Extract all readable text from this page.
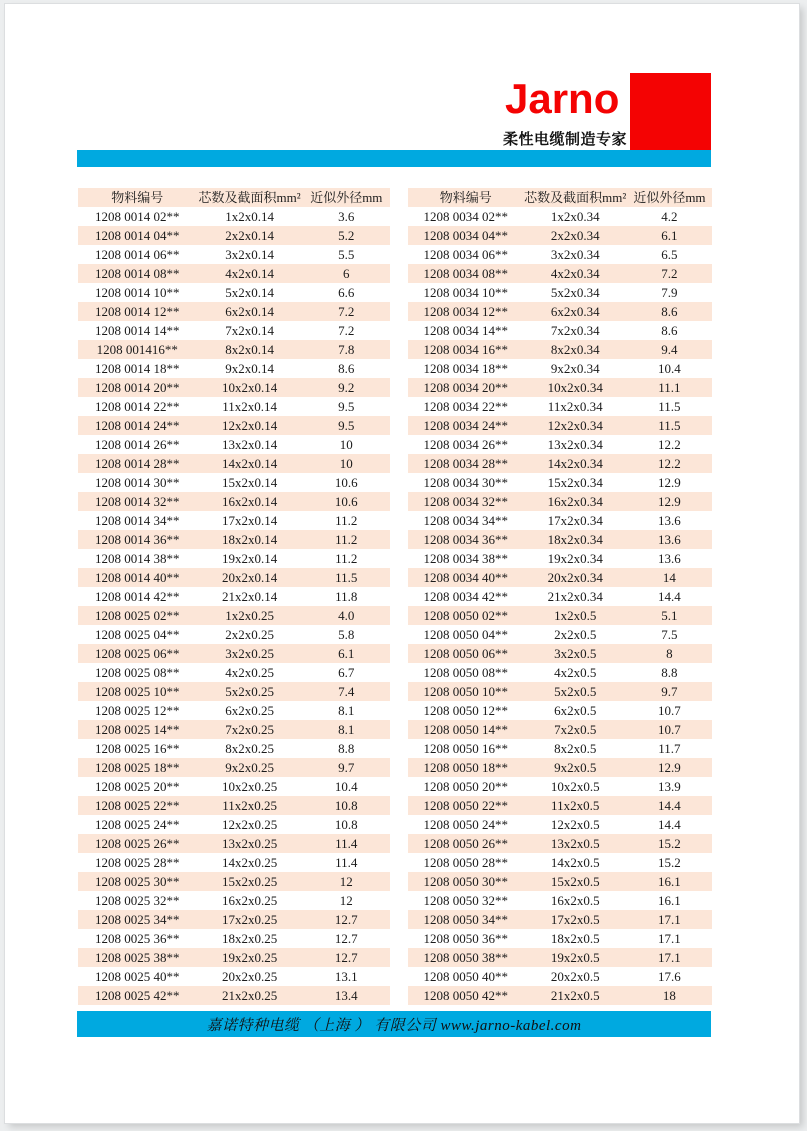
Jarno
柔性电缆制造专家
物料编号	芯数及截面积mm² 近似外径mm
1208 0014 02**	1x2x0.14	3.6
1208 0014 04**	2x2x0.14	5.2
1208 0014 06**	3x2x0.14	5.5
1208 0014 08**	4x2x0.14	6
1208 0014 10**	5x2x0.14	6.6
1208 0014 12**	6x2x0.14	7.2
1208 0014 14**	7x2x0.14	7.2
1208 001416**	8x2x0.14	7.8
1208 0014 18**	9x2x0.14	8.6
1208 0014 20**	10x2x0.14	9.2
1208 0014 22**	11x2x0.14	9.5
1208 0014 24**	12x2x0.14	9.5
1208 0014 26**	13x2x0.14	10
1208 0014 28**	14x2x0.14	10
1208 0014 30**	15x2x0.14	10.6
1208 0014 32**	16x2x0.14	10.6
1208 0014 34**	17x2x0.14	11.2
1208 0014 36**	18x2x0.14	11.2
1208 0014 38**	19x2x0.14	11.2
1208 0014 40**	20x2x0.14	11.5
1208 0014 42**	21x2x0.14	11.8
1208 0025 02**	1x2x0.25	4.0
1208 0025 04**	2x2x0.25	5.8
1208 0025 06**	3x2x0.25	6.1
1208 0025 08**	4x2x0.25	6.7
1208 0025 10**	5x2x0.25	7.4
1208 0025 12**	6x2x0.25	8.1
1208 0025 14**	7x2x0.25	8.1
1208 0025 16**	8x2x0.25	8.8
1208 0025 18**	9x2x0.25	9.7
1208 0025 20**	10x2x0.25	10.4
1208 0025 22**	11x2x0.25	10.8
1208 0025 24**	12x2x0.25	10.8
1208 0025 26**	13x2x0.25	11.4
1208 0025 28**	14x2x0.25	11.4
1208 0025 30**	15x2x0.25	12
1208 0025 32**	16x2x0.25	12
1208 0025 34**	17x2x0.25	12.7
1208 0025 36**	18x2x0.25	12.7
1208 0025 38**	19x2x0.25	12.7
1208 0025 40**	20x2x0.25	13.1
1208 0025 42**	21x2x0.25	13.4
物料编号	芯数及截面积mm² 近似外径mm
1208 0034 02**	1x2x0.34	4.2
1208 0034 04**	2x2x0.34	6.1
1208 0034 06**	3x2x0.34	6.5
1208 0034 08**	4x2x0.34	7.2
1208 0034 10**	5x2x0.34	7.9
1208 0034 12**	6x2x0.34	8.6
1208 0034 14**	7x2x0.34	8.6
1208 0034 16**	8x2x0.34	9.4
1208 0034 18**	9x2x0.34	10.4
1208 0034 20**	10x2x0.34	11.1
1208 0034 22**	11x2x0.34	11.5
1208 0034 24**	12x2x0.34	11.5
1208 0034 26**	13x2x0.34	12.2
1208 0034 28**	14x2x0.34	12.2
1208 0034 30**	15x2x0.34	12.9
1208 0034 32**	16x2x0.34	12.9
1208 0034 34**	17x2x0.34	13.6
1208 0034 36**	18x2x0.34	13.6
1208 0034 38**	19x2x0.34	13.6
1208 0034 40**	20x2x0.34	14
1208 0034 42**	21x2x0.34	14.4
1208 0050 02**	1x2x0.5	5.1
1208 0050 04**	2x2x0.5	7.5
1208 0050 06**	3x2x0.5	8
1208 0050 08**	4x2x0.5	8.8
1208 0050 10**	5x2x0.5	9.7
1208 0050 12**	6x2x0.5	10.7
1208 0050 14**	7x2x0.5	10.7
1208 0050 16**	8x2x0.5	11.7
1208 0050 18**	9x2x0.5	12.9
1208 0050 20**	10x2x0.5	13.9
1208 0050 22**	11x2x0.5	14.4
1208 0050 24**	12x2x0.5	14.4
1208 0050 26**	13x2x0.5	15.2
1208 0050 28**	14x2x0.5	15.2
1208 0050 30**	15x2x0.5	16.1
1208 0050 32**	16x2x0.5	16.1
1208 0050 34**	17x2x0.5	17.1
1208 0050 36**	18x2x0.5	17.1
1208 0050 38**	19x2x0.5	17.1
1208 0050 40**	20x2x0.5	17.6
1208 0050 42**	21x2x0.5	18
嘉诺特种电缆 （上海 ） 有限公司 www.jarno-kabel.com
